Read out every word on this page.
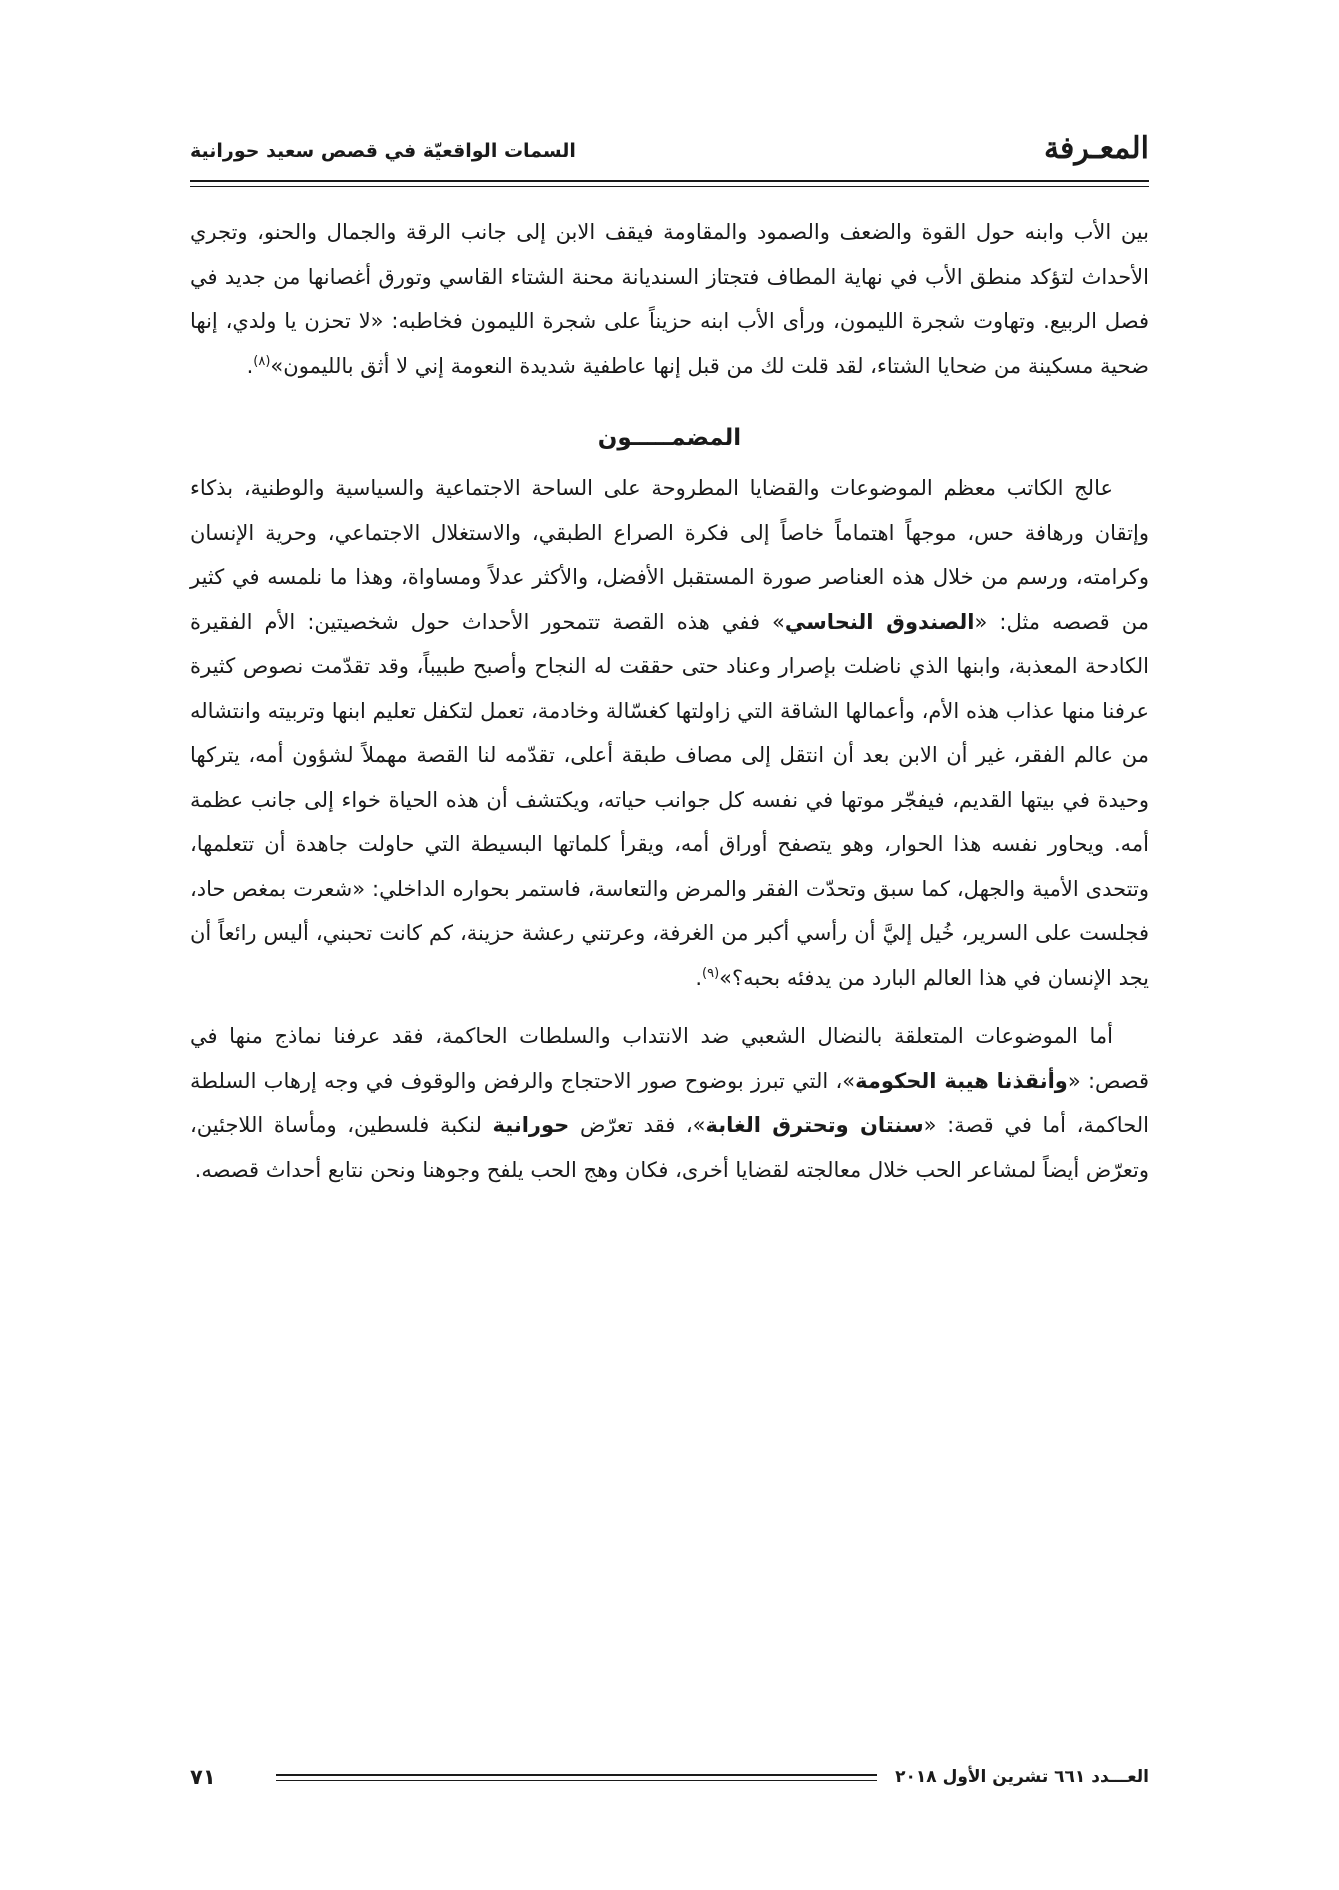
المعـرفة
السمات الواقعيّة في قصص سعيد حورانية

بين الأب وابنه حول القوة والضعف والصمود والمقاومة فيقف الابن إلى جانب الرقة والجمال والحنو، وتجري الأحداث لتؤكد منطق الأب في نهاية المطاف فتجتاز السنديانة محنة الشتاء القاسي وتورق أغصانها من جديد في فصل الربيع. وتهاوت شجرة الليمون، ورأى الأب ابنه حزيناً على شجرة الليمون فخاطبه: «لا تحزن يا ولدي، إنها ضحية مسكينة من ضحايا الشتاء، لقد قلت لك من قبل إنها عاطفية شديدة النعومة إني لا أثق بالليمون»$^{(٨)}$.

المضمـــــون

عالج الكاتب معظم الموضوعات والقضايا المطروحة على الساحة الاجتماعية والسياسية والوطنية، بذكاء وإتقان ورهافة حس، موجهاً اهتماماً خاصاً إلى فكرة الصراع الطبقي، والاستغلال الاجتماعي، وحرية الإنسان وكرامته، ورسم من خلال هذه العناصر صورة المستقبل الأفضل، والأكثر عدلاً ومساواة، وهذا ما نلمسه في كثير من قصصه مثل: «الصندوق النحاسي» ففي هذه القصة تتمحور الأحداث حول شخصيتين: الأم الفقيرة الكادحة المعذبة، وابنها الذي ناضلت بإصرار وعناد حتى حققت له النجاح وأصبح طبيباً، وقد تقدّمت نصوص كثيرة عرفنا منها عذاب هذه الأم، وأعمالها الشاقة التي زاولتها كغسّالة وخادمة، تعمل لتكفل تعليم ابنها وتربيته وانتشاله من عالم الفقر، غير أن الابن بعد أن انتقل إلى مصاف طبقة أعلى، تقدّمه لنا القصة مهملاً لشؤون أمه، يتركها وحيدة في بيتها القديم، فيفجّر موتها في نفسه كل جوانب حياته، ويكتشف أن هذه الحياة خواء إلى جانب عظمة أمه. ويحاور نفسه هذا الحوار، وهو يتصفح أوراق أمه، ويقرأ كلماتها البسيطة التي حاولت جاهدة أن تتعلمها، وتتحدى الأمية والجهل، كما سبق وتحدّت الفقر والمرض والتعاسة، فاستمر بحواره الداخلي: «شعرت بمغص حاد، فجلست على السرير، خُيل إليَّ أن رأسي أكبر من الغرفة، وعرتني رعشة حزينة، كم كانت تحبني، أليس رائعاً أن يجد الإنسان في هذا العالم البارد من يدفئه بحبه؟»$^{(٩)}$.

أما الموضوعات المتعلقة بالنضال الشعبي ضد الانتداب والسلطات الحاكمة، فقد عرفنا نماذج منها في قصص: «وأنقذنا هيبة الحكومة»، التي تبرز بوضوح صور الاحتجاج والرفض والوقوف في وجه إرهاب السلطة الحاكمة، أما في قصة: «سنتان وتحترق الغابة»، فقد تعرّض حورانية لنكبة فلسطين، ومأساة اللاجئين، وتعرّض أيضاً لمشاعر الحب خلال معالجته لقضايا أخرى، فكان وهج الحب يلفح وجوهنا ونحن نتابع أحداث قصصه.

العـــدد ٦٦١ تشرين الأول ٢٠١٨
٧١
